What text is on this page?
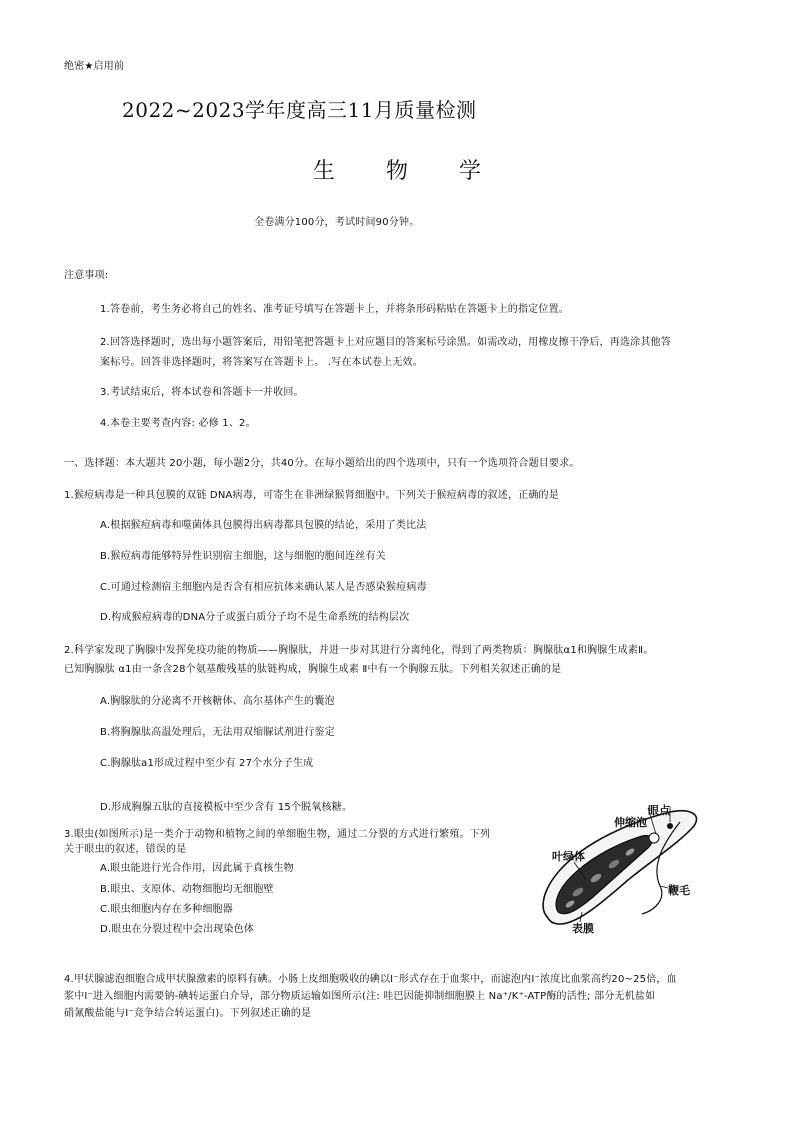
绝密★启用前
2022~2023学年度高三11月质量检测
生 物 学
全卷满分100分，考试时间90分钟。
注意事项:
1.答卷前，考生务必将自己的姓名、准考证号填写在答题卡上，并将条形码粘贴在答题卡上的指定位置。
2.回答选择题时，选出每小题答案后，用铅笔把答题卡上对应题目的答案标号涂黑。如需改动，用橡皮擦干净后，再选涂其他答
案标号。回答非选择题时，将答案写在答题卡上。 .写在本试卷上无效。
3.考试结束后，将本试卷和答题卡一并收回。
4.本卷主要考查内容: 必修 1、2。
一、选择题：本大题共 20小题，每小题2分，共40分。在每小题给出的四个选项中，只有一个选项符合题目要求。
1.猴痘病毒是一种具包膜的双链 DNA病毒，可寄生在非洲绿猴肾细胞中。下列关于猴痘病毒的叙述，正确的是
A.根据猴痘病毒和噬菌体具包膜得出病毒都具包膜的结论，采用了类比法
B.猴痘病毒能够特异性识别宿主细胞，这与细胞的胞间连丝有关
C.可通过检测宿主细胞内是否含有相应抗体来确认某人是否感染猴痘病毒
D.构成猴痘病毒的DNA分子或蛋白质分子均不是生命系统的结构层次
2.科学家发现了胸腺中发挥免疫功能的物质——胸腺肽，并进一步对其进行分离纯化，得到了两类物质：胸腺肽α1和胸腺生成素Ⅱ。
已知胸腺肽 α1由一条含28个氨基酸残基的肽链构成，胸腺生成素 Ⅱ中有一个胸腺五肽。下列相关叙述正确的是
A.胸腺肽的分泌离不开核糖体、高尔基体产生的囊泡
B.将胸腺肽高温处理后，无法用双缩脲试剂进行鉴定
C.胸腺肽a1形成过程中至少有 27个水分子生成
D.形成胸腺五肽的直接模板中至少含有 15个脱氧核糖。
3.眼虫(如图所示)是一类介于动物和植物之间的单细胞生物，通过二分裂的方式进行繁殖。下列
关于眼虫的叙述，错误的是
A.眼虫能进行光合作用，因此属于真核生物
B.眼虫、支原体、动物细胞均无细胞壁
C.眼虫细胞内存在多种细胞器
D.眼虫在分裂过程中会出现染色体
眼点
伸缩泡
叶绿体
鞭毛
表膜
4.甲状腺滤泡细胞合成甲状腺激素的原料有碘。小肠上皮细胞吸收的碘以I⁻形式存在于血浆中，而滤泡内I⁻浓度比血浆高约20~25倍，血
浆中I⁻进入细胞内需要钠-碘转运蛋白介导，部分物质运输如图所示(注: 哇巴因能抑制细胞膜上 Na⁺/K⁺-ATP酶的活性; 部分无机盐如
硝氰酸盐能与I⁻竞争结合转运蛋白)。下列叙述正确的是
